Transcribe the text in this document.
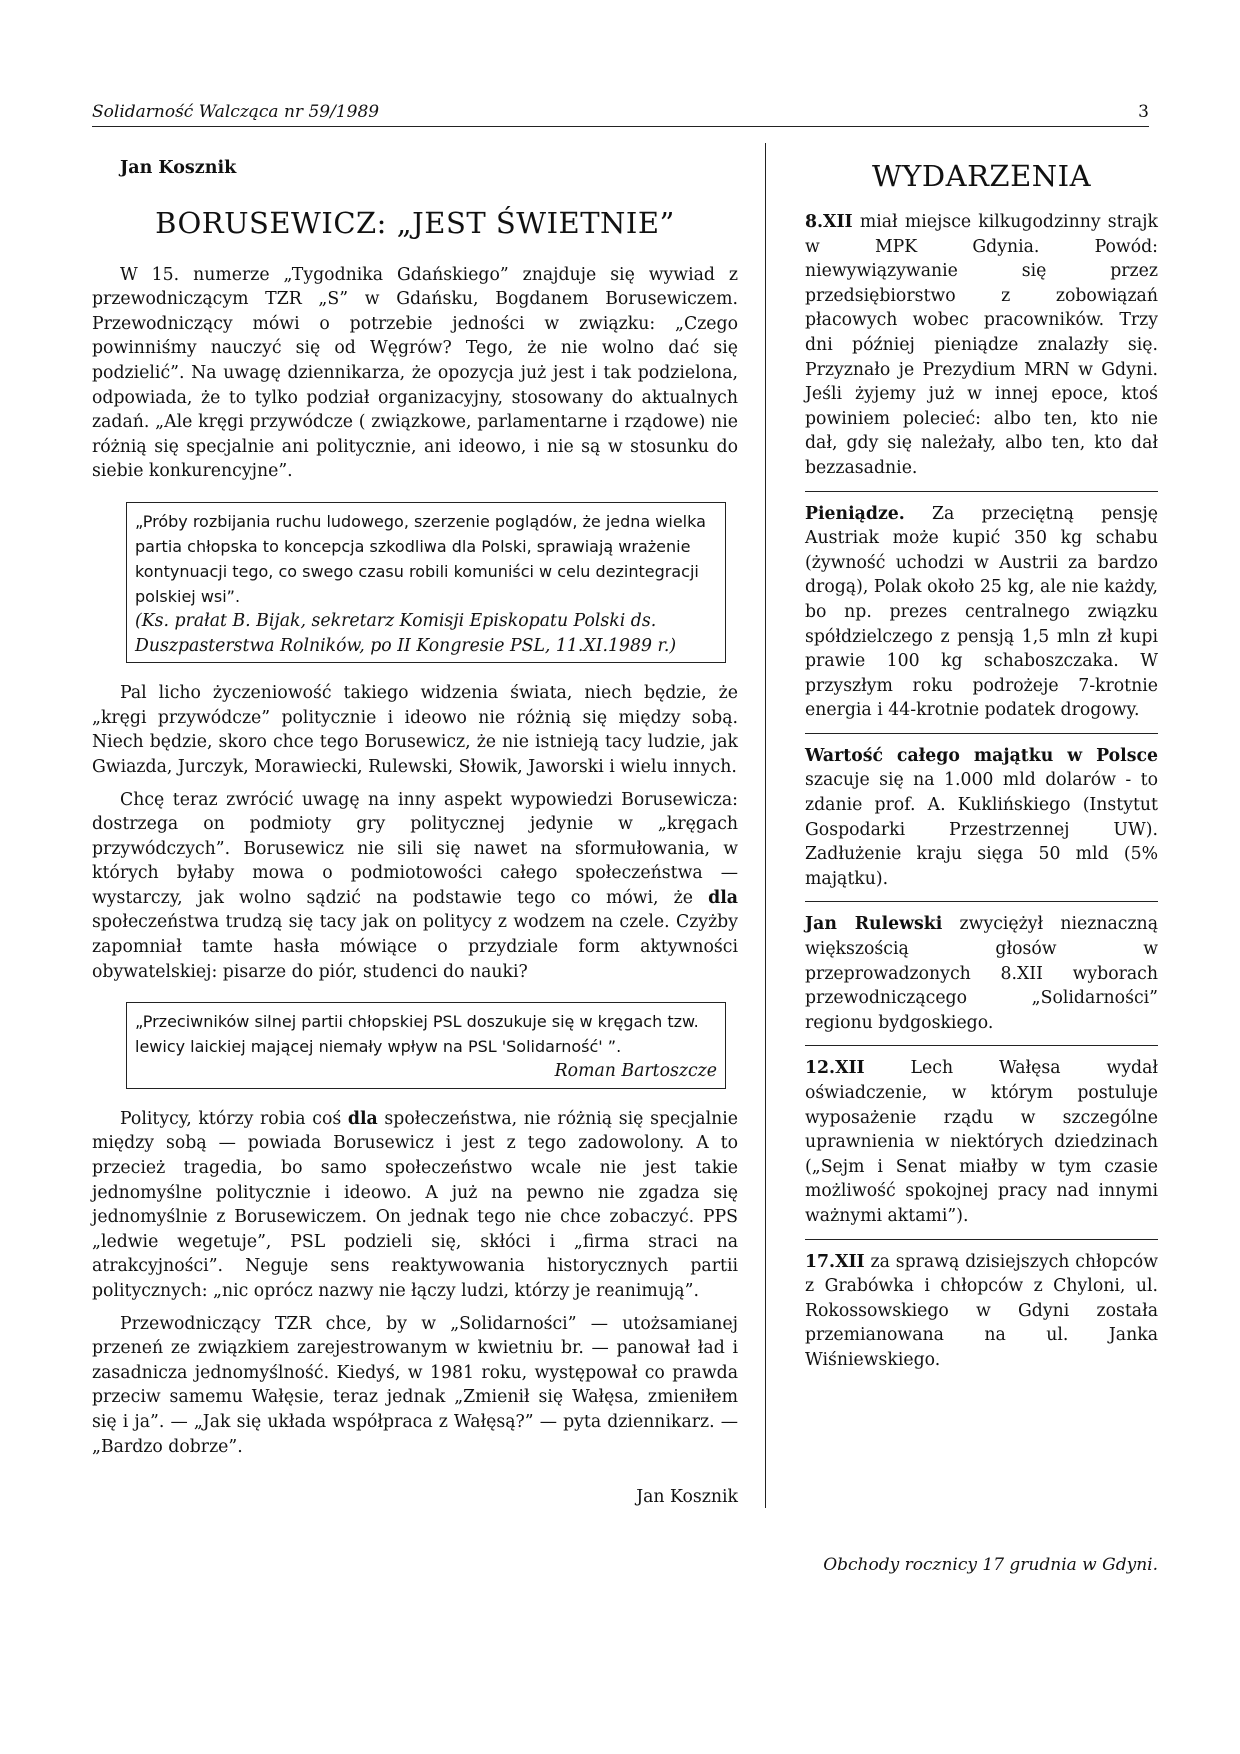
Solidarność Walcząca nr 59/1989	3
Jan Kosznik
BORUSEWICZ: „JEST ŚWIETNIE”

W 15. numerze „Tygodnika Gdańskiego” znajduje się wywiad z przewodniczącym TZR „S” w Gdańsku, Bogdanem Borusewiczem. Przewodniczący mówi o potrzebie jedności w związku: „Czego powinniśmy nauczyć się od Węgrów? Tego, że nie wolno dać się podzielić”. Na uwagę dziennikarza, że opozycja już jest i tak podzielona, odpowiada, że to tylko podział organizacyjny, stosowany do aktualnych zadań. „Ale kręgi przywódcze ( związkowe, parlamentarne i rządowe) nie różnią się specjalnie ani politycznie, ani ideowo, i nie są w stosunku do siebie konkurencyjne”.

„Próby rozbijania ruchu ludowego, szerzenie poglądów, że jedna wielka partia chłopska to koncepcja szkodliwa dla Polski, sprawiają wrażenie kontynuacji tego, co swego czasu robili komuniści w celu dezintegracji polskiej wsi”.
(Ks. prałat B. Bijak, sekretarz Komisji Episkopatu Polski ds. Duszpasterstwa Rolników, po II Kongresie PSL, 11.XI.1989 r.)

Pal licho życzeniowość takiego widzenia świata, niech będzie, że „kręgi przywódcze” politycznie i ideowo nie różnią się między sobą. Niech będzie, skoro chce tego Borusewicz, że nie istnieją tacy ludzie, jak Gwiazda, Jurczyk, Morawiecki, Rulewski, Słowik, Jaworski i wielu innych.

Chcę teraz zwrócić uwagę na inny aspekt wypowiedzi Borusewicza: dostrzega on podmioty gry politycznej jedynie w „kręgach przywódczych”. Borusewicz nie sili się nawet na sformułowania, w których byłaby mowa o podmiotowości całego społeczeństwa — wystarczy, jak wolno sądzić na podstawie tego co mówi, że dla społeczeństwa trudzą się tacy jak on politycy z wodzem na czele. Czyżby zapomniał tamte hasła mówiące o przydziale form aktywności obywatelskiej: pisarze do piór, studenci do nauki?

„Przeciwników silnej partii chłopskiej PSL doszukuje się w kręgach tzw. lewicy laickiej mającej niemały wpływ na PSL 'Solidarność' ”.
Roman Bartoszcze

Politycy, którzy robia coś dla społeczeństwa, nie różnią się specjalnie między sobą — powiada Borusewicz i jest z tego zadowolony. A to przecież tragedia, bo samo społeczeństwo wcale nie jest takie jednomyślne politycznie i ideowo. A już na pewno nie zgadza się jednomyślnie z Borusewiczem. On jednak tego nie chce zobaczyć. PPS „ledwie wegetuje”, PSL podzieli się, skłóci i „firma straci na atrakcyjności”. Neguje sens reaktywowania historycznych partii politycznych: „nic oprócz nazwy nie łączy ludzi, którzy je reanimują”.

Przewodniczący TZR chce, by w „Solidarności” — utożsamianej przeneń ze związkiem zarejestrowanym w kwietniu br. — panował ład i zasadnicza jednomyślność. Kiedyś, w 1981 roku, występował co prawda przeciw samemu Wałęsie, teraz jednak „Zmienił się Wałęsa, zmieniłem się i ja”. — „Jak się układa współpraca z Wałęsą?” — pyta dziennikarz. — „Bardzo dobrze”.

Jan Kosznik
WYDARZENIA
8.XII miał miejsce kilkugodzinny strajk w MPK Gdynia. Powód: niewywiązywanie się przez przedsiębiorstwo z zobowiązań płacowych wobec pracowników. Trzy dni później pieniądze znalazły się. Przyznało je Prezydium MRN w Gdyni. Jeśli żyjemy już w innej epoce, ktoś powiniem polecieć: albo ten, kto nie dał, gdy się należały, albo ten, kto dał bezzasadnie.
Pieniądze. Za przeciętną pensję Austriak może kupić 350 kg schabu (żywność uchodzi w Austrii za bardzo drogą), Polak około 25 kg, ale nie każdy, bo np. prezes centralnego związku spółdzielczego z pensją 1,5 mln zł kupi prawie 100 kg schaboszczaka. W przyszłym roku podrożeje 7-krotnie energia i 44-krotnie podatek drogowy.
Wartość całego majątku w Polsce szacuje się na 1.000 mld dolarów - to zdanie prof. A. Kuklińskiego (Instytut Gospodarki Przestrzennej UW). Zadłużenie kraju sięga 50 mld (5% majątku).
Jan Rulewski zwyciężył nieznaczną większością głosów w przeprowadzonych 8.XII wyborach przewodniczącego „Solidarności” regionu bydgoskiego.
12.XII Lech Wałęsa wydał oświadczenie, w którym postuluje wyposażenie rządu w szczególne uprawnienia w niektórych dziedzinach („Sejm i Senat miałby w tym czasie możliwość spokojnej pracy nad innymi ważnymi aktami”).
17.XII za sprawą dzisiejszych chłopców z Grabówka i chłopców z Chyloni, ul. Rokossowskiego w Gdyni została przemianowana na ul. Janka Wiśniewskiego.
Obchody rocznicy 17 grudnia w Gdyni.
